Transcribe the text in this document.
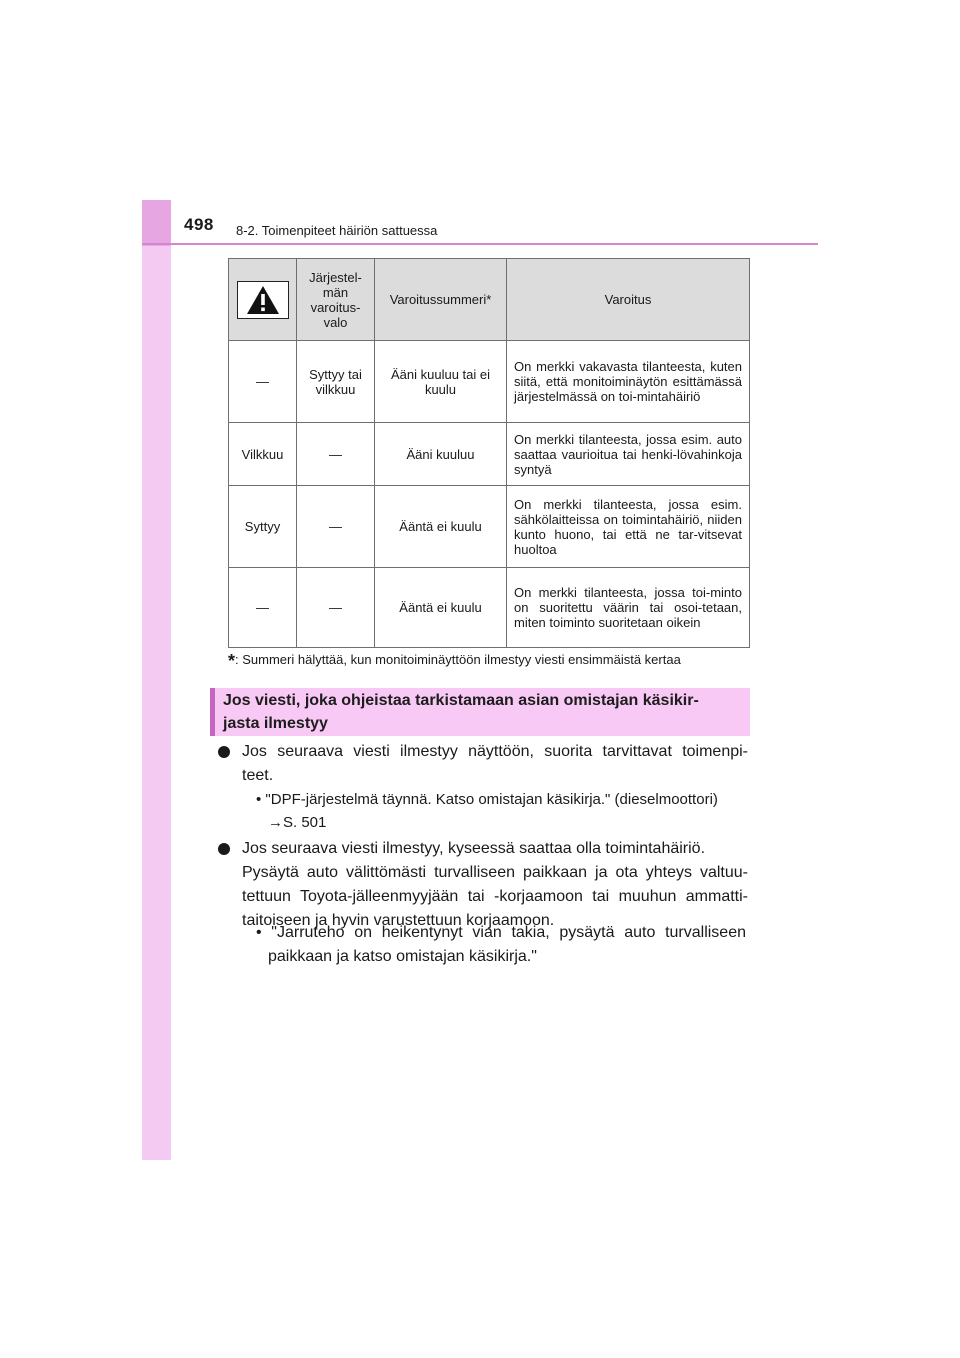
498 8-2. Toimenpiteet häiriön sattuessa
	Järjestel-män varoitus-valo	Varoitussummeri*	Varoitus
—	Syttyy tai vilkkuu	Ääni kuuluu tai ei kuulu	On merkki vakavasta tilanteesta, kuten siitä, että monitoiminäytön esittämässä järjestelmässä on toi-mintahäiriö
Vilkkuu	—	Ääni kuuluu	On merkki tilanteesta, jossa esim. auto saattaa vaurioitua tai henki-lövahinkoja syntyä
Syttyy	—	Ääntä ei kuulu	On merkki tilanteesta, jossa esim. sähkölaitteissa on toimintahäiriö, niiden kunto huono, tai että ne tar-vitsevat huoltoa
—	—	Ääntä ei kuulu	On merkki tilanteesta, jossa toi-minto on suoritettu väärin tai osoi-tetaan, miten toiminto suoritetaan oikein
*: Summeri hälyttää, kun monitoiminäyttöön ilmestyy viesti ensimmäistä kertaa
Jos viesti, joka ohjeistaa tarkistamaan asian omistajan käsikir-
jasta ilmestyy
Jos seuraava viesti ilmestyy näyttöön, suorita tarvittavat toimenpi-
teet.
• "DPF-järjestelmä täynnä. Katso omistajan käsikirja." (dieselmoottori)
→S. 501
Jos seuraava viesti ilmestyy, kyseessä saattaa olla toimintahäiriö.
Pysäytä auto välittömästi turvalliseen paikkaan ja ota yhteys valtuu-
tettuun Toyota-jälleenmyyjään tai -korjaamoon tai muuhun ammatti-
taitoiseen ja hyvin varustettuun korjaamoon.
• "Jarruteho on heikentynyt vian takia, pysäytä auto turvalliseen
paikkaan ja katso omistajan käsikirja."
